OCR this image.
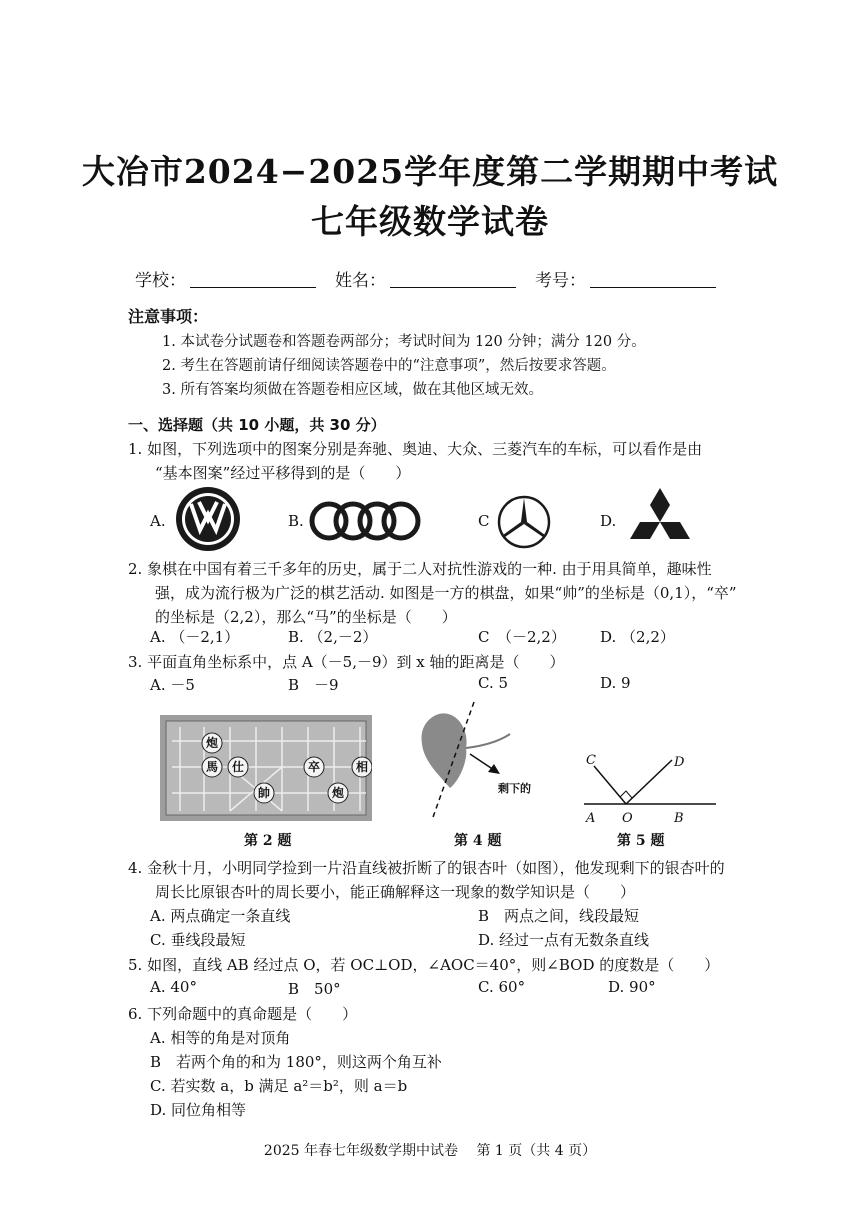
大冶市2024−2025学年度第二学期期中考试
七年级数学试卷
学校：	姓名：	考号：
注意事项：
1. 本试卷分试题卷和答题卷两部分；考试时间为 120 分钟；满分 120 分。
2. 考生在答题前请仔细阅读答题卷中的“注意事项”，然后按要求答题。
3. 所有答案均须做在答题卷相应区域，做在其他区域无效。
一、选择题（共 10 小题，共 30 分）
1. 如图，下列选项中的图案分别是奔驰、奥迪、大众、三菱汽车的车标，可以看作是由
“基本图案”经过平移得到的是（　　）
A.	B.	C	D.
2. 象棋在中国有着三千多年的历史，属于二人对抗性游戏的一种. 由于用具简单，趣味性
强，成为流行极为广泛的棋艺活动. 如图是一方的棋盘，如果“帅”的坐标是（0,1），“卒”
的坐标是（2,2），那么“马”的坐标是（　　）
A. （－2,1）	B. （2,－2）	C　（－2,2） D. （2,2）
3. 平面直角坐标系中，点 A（－5,－9）到 x 轴的距离是（　　）
A. －5	B　－9	C. 5	D. 9
炮
馬 仕
帥
卒
炮
相
剩下的
C	D
A O	B
第 2 题	第 4 题	第 5 题
4. 金秋十月，小明同学捡到一片沿直线被折断了的银杏叶（如图），他发现剩下的银杏叶的
周长比原银杏叶的周长要小，能正确解释这一现象的数学知识是（　　）
A. 两点确定一条直线	B　两点之间，线段最短
C. 垂线段最短	D. 经过一点有无数条直线
5. 如图，直线 AB 经过点 O，若 OC⊥OD，∠AOC＝40°，则∠BOD 的度数是（　　）
A. 40°	B　50°	C. 60°	D. 90°
6. 下列命题中的真命题是（　　）
A. 相等的角是对顶角
B　若两个角的和为 180°，则这两个角互补
C. 若实数 a，b 满足 a²＝b²，则 a＝b
D. 同位角相等
2025 年春七年级数学期中试卷　 第 1 页（共 4 页）
